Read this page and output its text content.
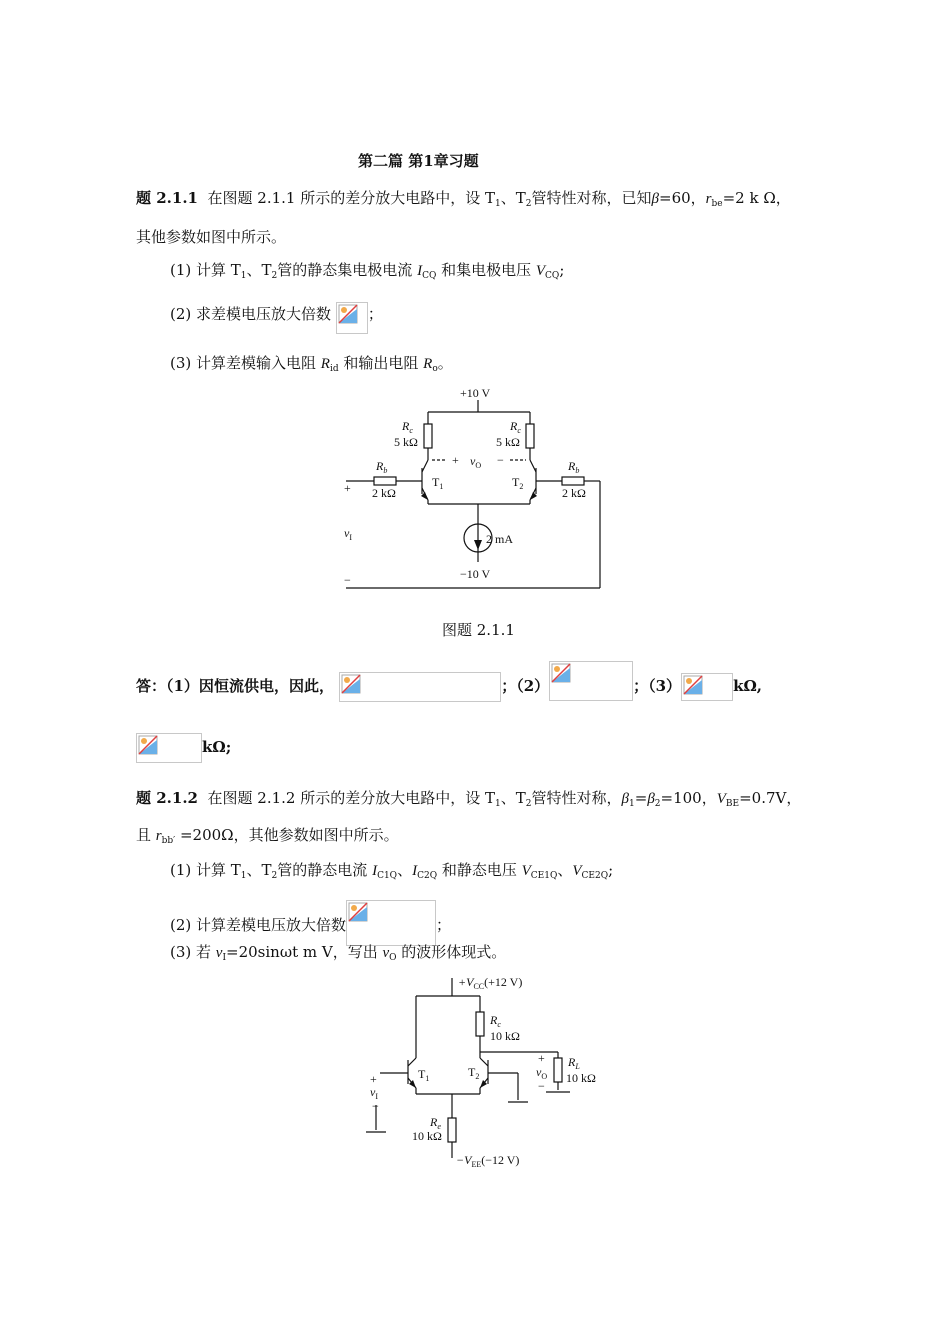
第二篇 第1章习题
题 2.1.1 在图题 2.1.1 所示的差分放大电路中，设 $T_1$、$T_2$管特性对称，已知β=60，$r_{be}=2$ k Ω，
其他参数如图中所示。
(1) 计算 $T_1$、$T_2$管的静态集电极电流 $I_{CQ}$ 和集电极电压 $V_{CQ}$;
(2) 求差模电压放大倍数 ；
(3) 计算差模输入电阻 $R_{id}$ 和输出电阻 $R_o$。
+10 V
$R_c$
5 kΩ
$R_c$
5 kΩ
+ $v_O$ −
$R_b$
2 kΩ
$R_b$
2 kΩ
$T_1$	$T_2$
+
$v_I$
−
2 mA
−10 V
图题 2.1.1
答：（1）因恒流供电，因此，	；（2）	；（3）	kΩ,
kΩ;
题 2.1.2 在图题 2.1.2 所示的差分放大电路中，设 $T_1$、$T_2$管特性对称，$\beta_1=\beta_2=100$，$V_{BE}=0.7V$，
且 $r_{bb'} =200\Omega$，其他参数如图中所示。
(1) 计算 $T_1$、$T_2$管的静态电流 $I_{C1Q}$、$I_{C2Q}$ 和静态电压 $V_{CE1Q}$、$V_{CE2Q}$;
(2) 计算差模电压放大倍数	；
(3) 若 $v_I=20\sin\omega t$ m V，写出 $v_O$ 的波形体现式。
$+V_{CC}(+12$ V)
$R_c$
10 kΩ
+
$v_O$
−
$R_L$
10 kΩ
$T_1$	$T_2$
+
$v_I$
−
$R_e$
10 kΩ
$-V_{EE}(-12$ V)
